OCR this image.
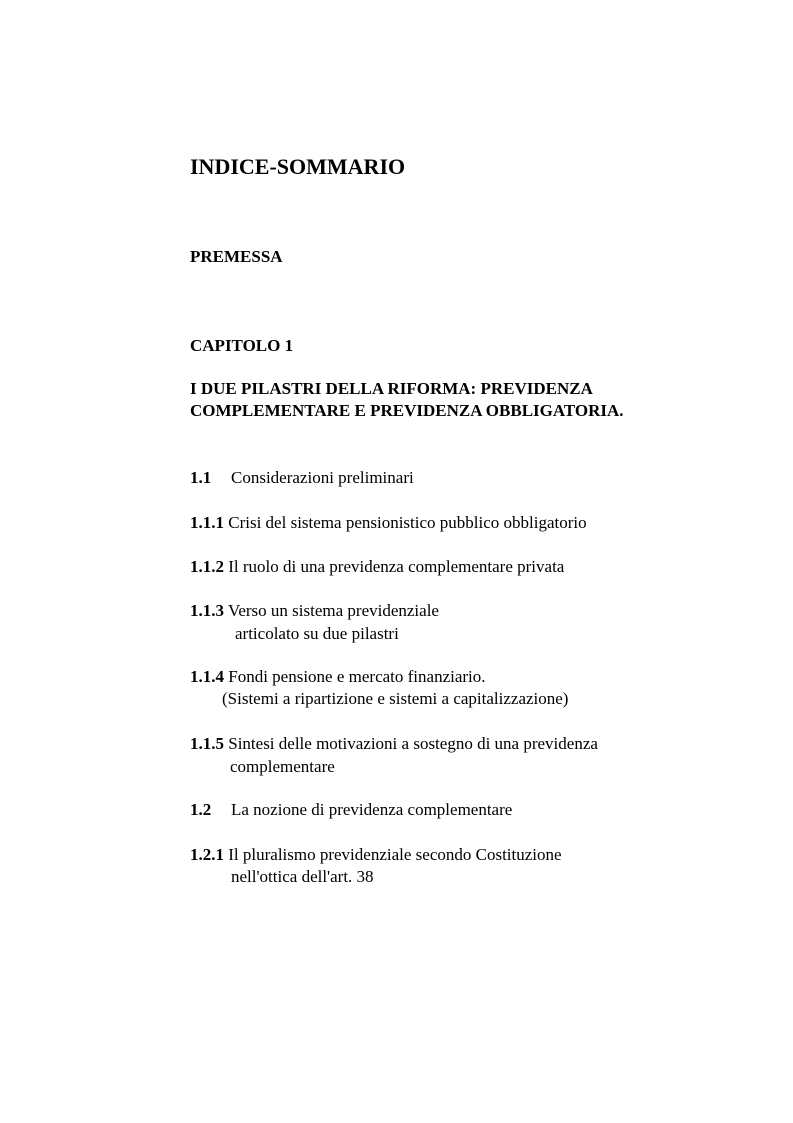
INDICE-SOMMARIO
PREMESSA
CAPITOLO 1
I DUE PILASTRI DELLA RIFORMA: PREVIDENZA
COMPLEMENTARE E PREVIDENZA OBBLIGATORIA.
1.1 Considerazioni preliminari
1.1.1 Crisi del sistema pensionistico pubblico obbligatorio
1.1.2 Il ruolo di una previdenza complementare privata
1.1.3 Verso un sistema previdenziale
articolato su due pilastri
1.1.4 Fondi pensione e mercato finanziario.
(Sistemi a ripartizione e sistemi a capitalizzazione)
1.1.5 Sintesi delle motivazioni a sostegno di una previdenza
complementare
1.2 La nozione di previdenza complementare
1.2.1 Il pluralismo previdenziale secondo Costituzione
nell'ottica dell'art. 38
